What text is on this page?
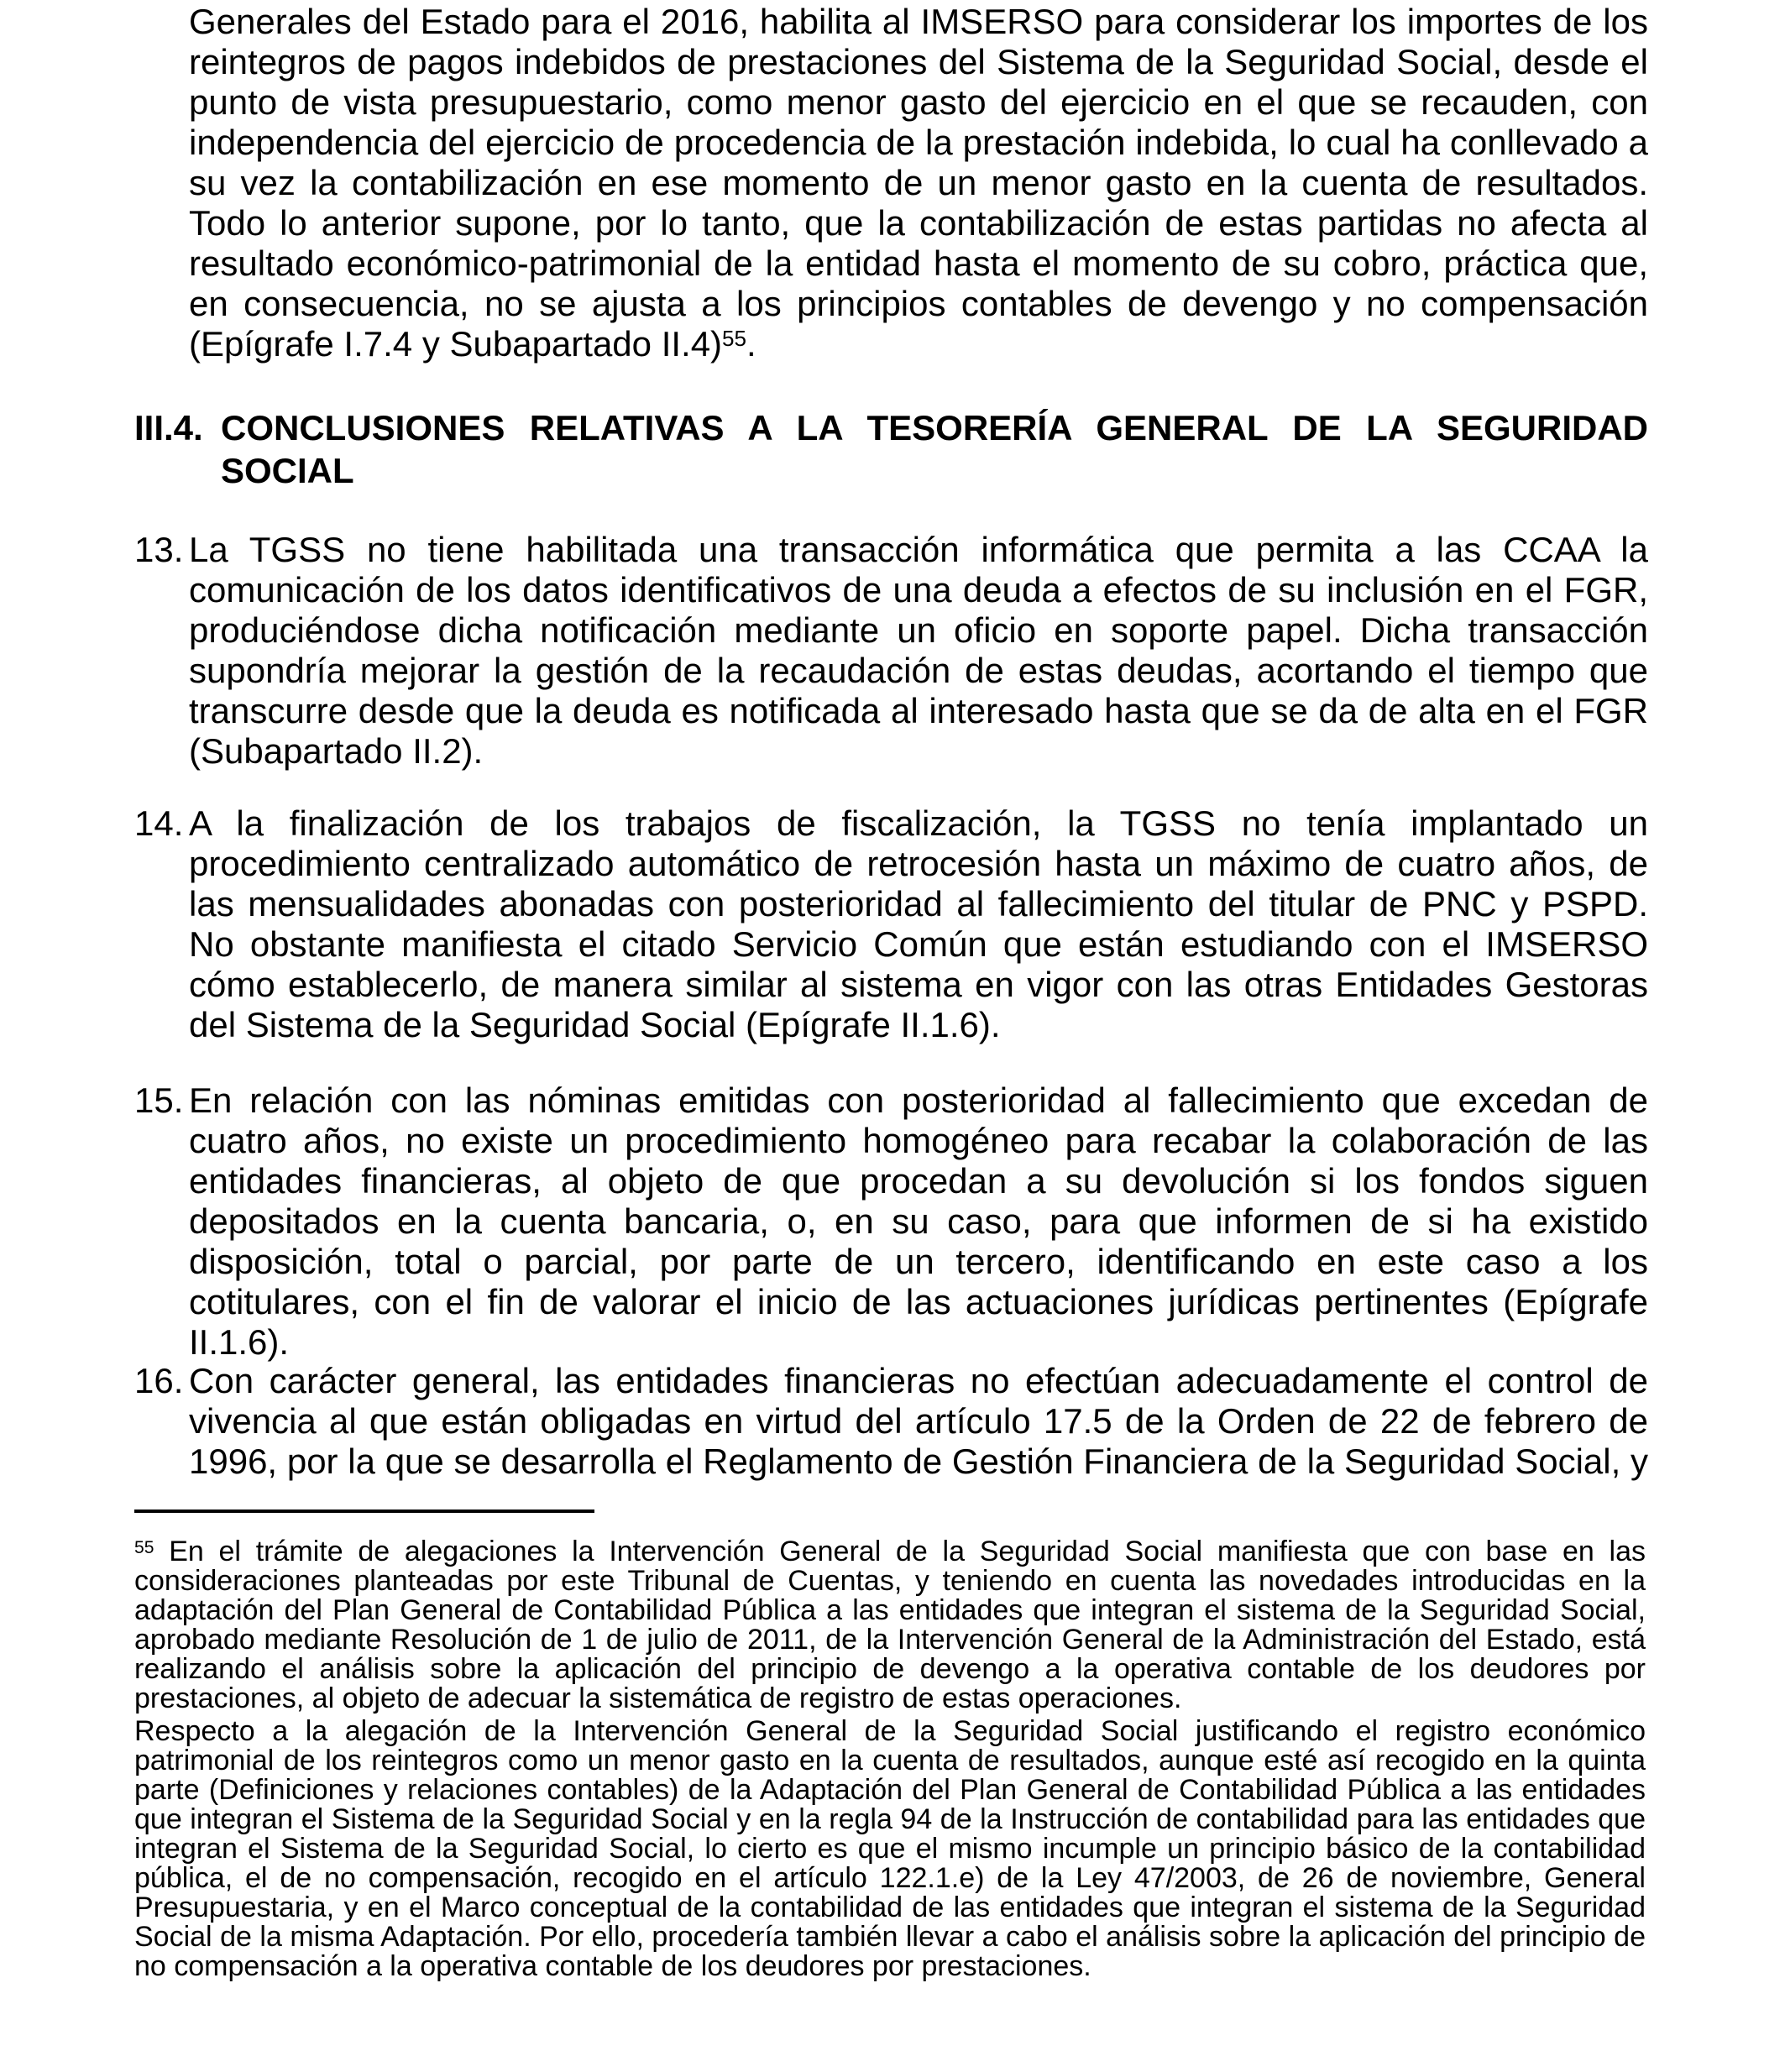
Generales del Estado para el 2016, habilita al IMSERSO para considerar los importes de los reintegros de pagos indebidos de prestaciones del Sistema de la Seguridad Social, desde el punto de vista presupuestario, como menor gasto del ejercicio en el que se recauden, con independencia del ejercicio de procedencia de la prestación indebida, lo cual ha conllevado a su vez la contabilización en ese momento de un menor gasto en la cuenta de resultados. Todo lo anterior supone, por lo tanto, que la contabilización de estas partidas no afecta al resultado económico-patrimonial de la entidad hasta el momento de su cobro, práctica que, en consecuencia, no se ajusta a los principios contables de devengo y no compensación (Epígrafe I.7.4 y Subapartado II.4)$^{55}$.

III.4. CONCLUSIONES RELATIVAS A LA TESORERÍA GENERAL DE LA SEGURIDAD SOCIAL
13. La TGSS no tiene habilitada una transacción informática que permita a las CCAA la comunicación de los datos identificativos de una deuda a efectos de su inclusión en el FGR, produciéndose dicha notificación mediante un oficio en soporte papel. Dicha transacción supondría mejorar la gestión de la recaudación de estas deudas, acortando el tiempo que transcurre desde que la deuda es notificada al interesado hasta que se da de alta en el FGR (Subapartado II.2).
14. A la finalización de los trabajos de fiscalización, la TGSS no tenía implantado un procedimiento centralizado automático de retrocesión hasta un máximo de cuatro años, de las mensualidades abonadas con posterioridad al fallecimiento del titular de PNC y PSPD. No obstante manifiesta el citado Servicio Común que están estudiando con el IMSERSO cómo establecerlo, de manera similar al sistema en vigor con las otras Entidades Gestoras del Sistema de la Seguridad Social (Epígrafe II.1.6).
15. En relación con las nóminas emitidas con posterioridad al fallecimiento que excedan de cuatro años, no existe un procedimiento homogéneo para recabar la colaboración de las entidades financieras, al objeto de que procedan a su devolución si los fondos siguen depositados en la cuenta bancaria, o, en su caso, para que informen de si ha existido disposición, total o parcial, por parte de un tercero, identificando en este caso a los cotitulares, con el fin de valorar el inicio de las actuaciones jurídicas pertinentes (Epígrafe II.1.6).
16. Con carácter general, las entidades financieras no efectúan adecuadamente el control de vivencia al que están obligadas en virtud del artículo 17.5 de la Orden de 22 de febrero de 1996, por la que se desarrolla el Reglamento de Gestión Financiera de la Seguridad Social, y

$^{55}$ En el trámite de alegaciones la Intervención General de la Seguridad Social manifiesta que con base en las consideraciones planteadas por este Tribunal de Cuentas, y teniendo en cuenta las novedades introducidas en la adaptación del Plan General de Contabilidad Pública a las entidades que integran el sistema de la Seguridad Social, aprobado mediante Resolución de 1 de julio de 2011, de la Intervención General de la Administración del Estado, está realizando el análisis sobre la aplicación del principio de devengo a la operativa contable de los deudores por prestaciones, al objeto de adecuar la sistemática de registro de estas operaciones.

Respecto a la alegación de la Intervención General de la Seguridad Social justificando el registro económico patrimonial de los reintegros como un menor gasto en la cuenta de resultados, aunque esté así recogido en la quinta parte (Definiciones y relaciones contables) de la Adaptación del Plan General de Contabilidad Pública a las entidades que integran el Sistema de la Seguridad Social y en la regla 94 de la Instrucción de contabilidad para las entidades que integran el Sistema de la Seguridad Social, lo cierto es que el mismo incumple un principio básico de la contabilidad pública, el de no compensación, recogido en el artículo 122.1.e) de la Ley 47/2003, de 26 de noviembre, General Presupuestaria, y en el Marco conceptual de la contabilidad de las entidades que integran el sistema de la Seguridad Social de la misma Adaptación. Por ello, procedería también llevar a cabo el análisis sobre la aplicación del principio de no compensación a la operativa contable de los deudores por prestaciones.
